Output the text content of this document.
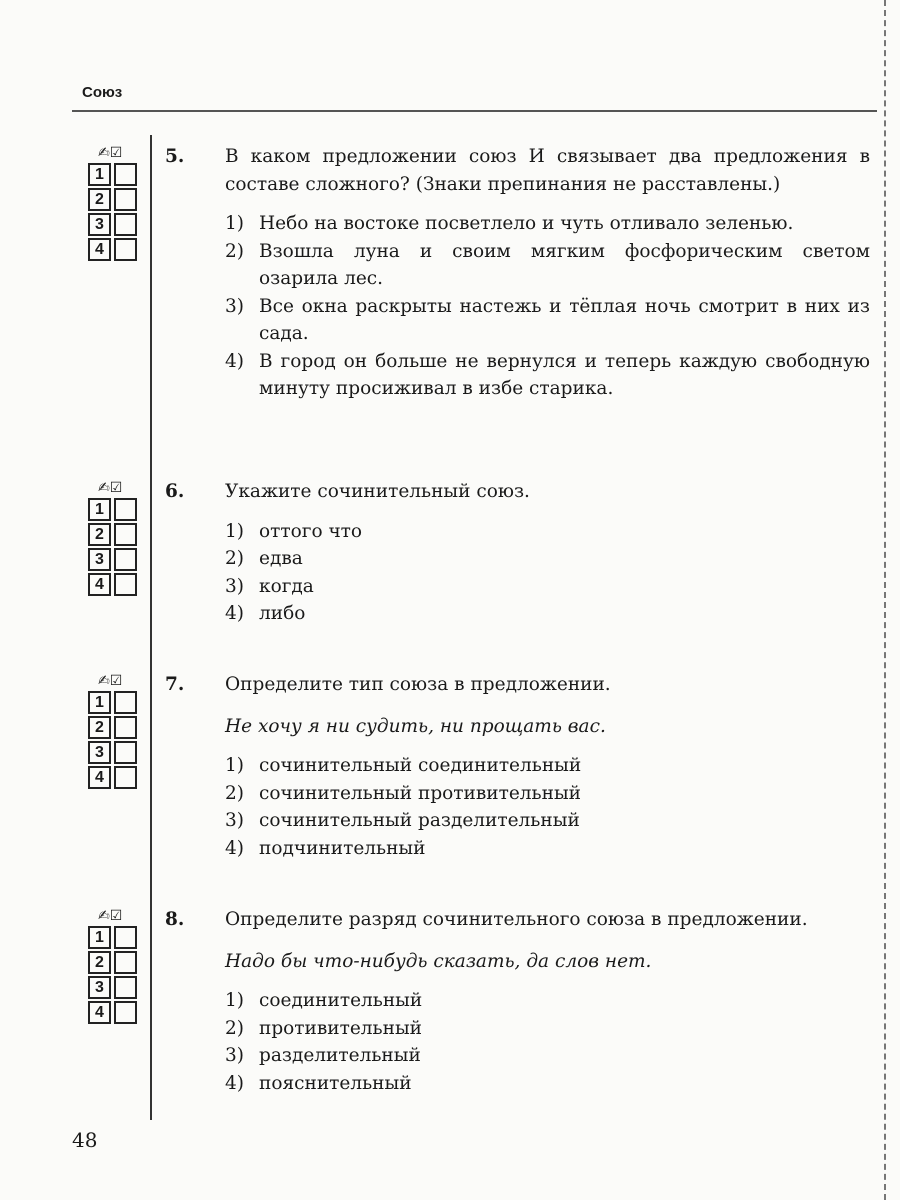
Союз
✍☑
1
2
3
4
5. В каком предложении союз И связывает два предложения в составе сложного? (Знаки препинания не расставлены.)
1) Небо на востоке посветлело и чуть отливало зеленью.
2) Взошла луна и своим мягким фосфорическим светом озарила лес.
3) Все окна раскрыты настежь и тёплая ночь смотрит в них из сада.
4) В город он больше не вернулся и теперь каждую свободную минуту просиживал в избе старика.
✍☑
1
2
3
4
6. Укажите сочинительный союз.
1) оттого что
2) едва
3) когда
4) либо
✍☑
1
2
3
4
7. Определите тип союза в предложении.
Не хочу я ни судить, ни прощать вас.
1) сочинительный соединительный
2) сочинительный противительный
3) сочинительный разделительный
4) подчинительный
✍☑
1
2
3
4
8. Определите разряд сочинительного союза в предложении.
Надо бы что-нибудь сказать, да слов нет.
1) соединительный
2) противительный
3) разделительный
4) пояснительный
48
